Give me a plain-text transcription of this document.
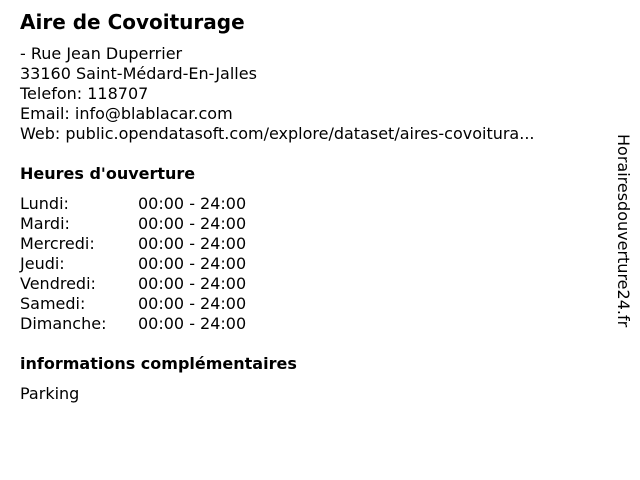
Aire de Covoiturage
- Rue Jean Duperrier
33160 Saint-Médard-En-Jalles
Telefon: 118707
Email: info@blablacar.com
Web: public.opendatasoft.com/explore/dataset/aires-covoitura...
Heures d'ouverture
Lundi:	00:00 - 24:00
Mardi:	00:00 - 24:00
Mercredi:	00:00 - 24:00
Jeudi:	00:00 - 24:00
Vendredi:	00:00 - 24:00
Samedi:	00:00 - 24:00
Dimanche: 00:00 - 24:00
informations complémentaires
Parking
Horairesdouverture24.fr
